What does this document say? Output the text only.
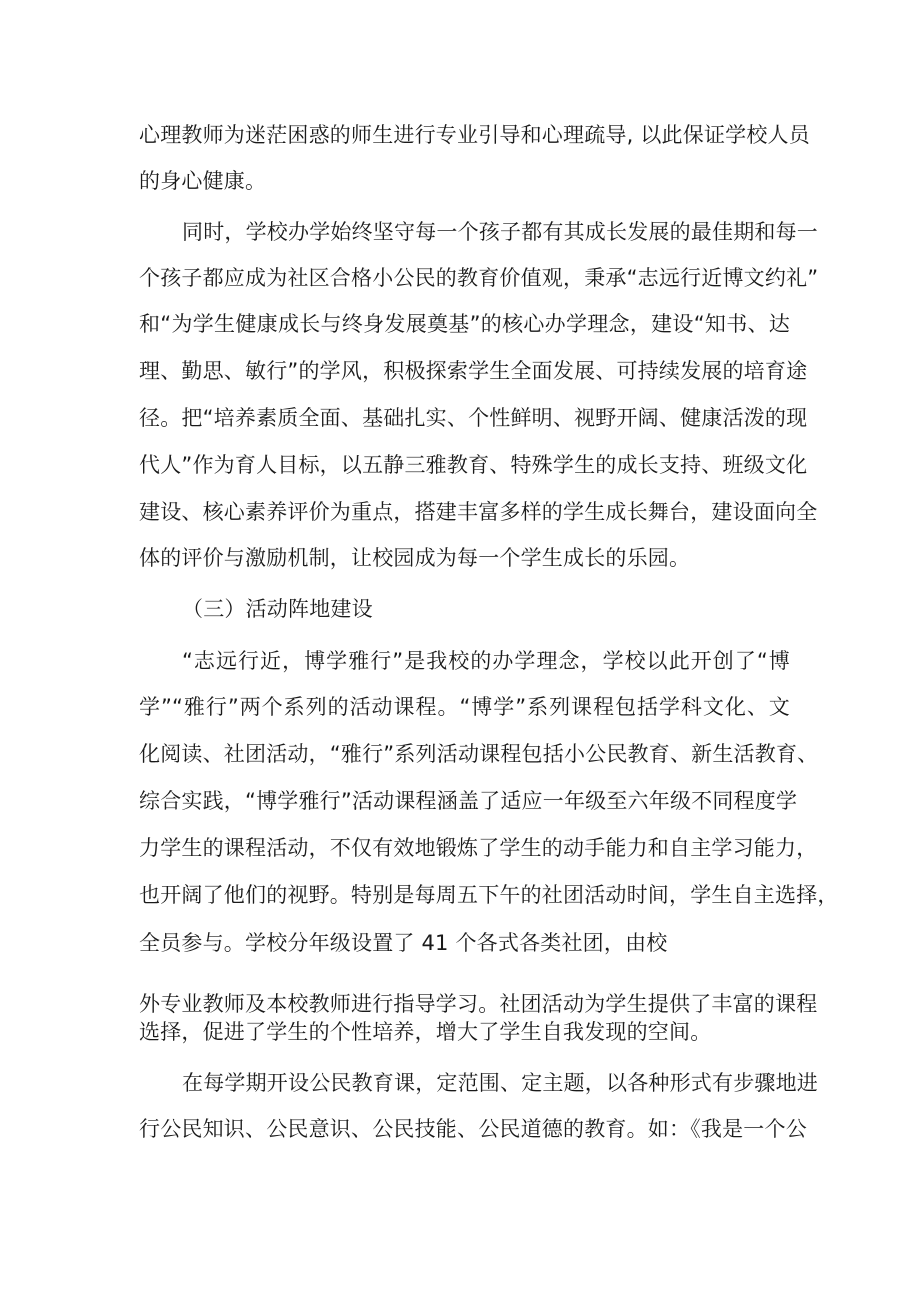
心理教师为迷茫困惑的师生进行专业引导和心理疏导, 以此保证学校人员
的身心健康。
同时，学校办学始终坚守每一个孩子都有其成长发展的最佳期和每一
个孩子都应成为社区合格小公民的教育价值观，秉承“志远行近博文约礼”
和“为学生健康成长与终身发展奠基”的核心办学理念，建设“知书、达
理、勤思、敏行”的学风，积极探索学生全面发展、可持续发展的培育途
径。把“培养素质全面、基础扎实、个性鲜明、视野开阔、健康活泼的现
代人”作为育人目标，以五静三雅教育、特殊学生的成长支持、班级文化
建设、核心素养评价为重点，搭建丰富多样的学生成长舞台，建设面向全
体的评价与激励机制，让校园成为每一个学生成长的乐园。
（三）活动阵地建设
“志远行近，博学雅行”是我校的办学理念，学校以此开创了“博
学”“雅行”两个系列的活动课程。“博学”系列课程包括学科文化、文
化阅读、社团活动，“雅行”系列活动课程包括小公民教育、新生活教育、
综合实践，“博学雅行”活动课程涵盖了适应一年级至六年级不同程度学
力学生的课程活动，不仅有效地锻炼了学生的动手能力和自主学习能力，
也开阔了他们的视野。特别是每周五下午的社团活动时间，学生自主选择，
全员参与。学校分年级设置了 41 个各式各类社团，由校
外专业教师及本校教师进行指导学习。社团活动为学生提供了丰富的课程
选择，促进了学生的个性培养，增大了学生自我发现的空间。
在每学期开设公民教育课，定范围、定主题，以各种形式有步骤地进
行公民知识、公民意识、公民技能、公民道德的教育。如：《我是一个公
